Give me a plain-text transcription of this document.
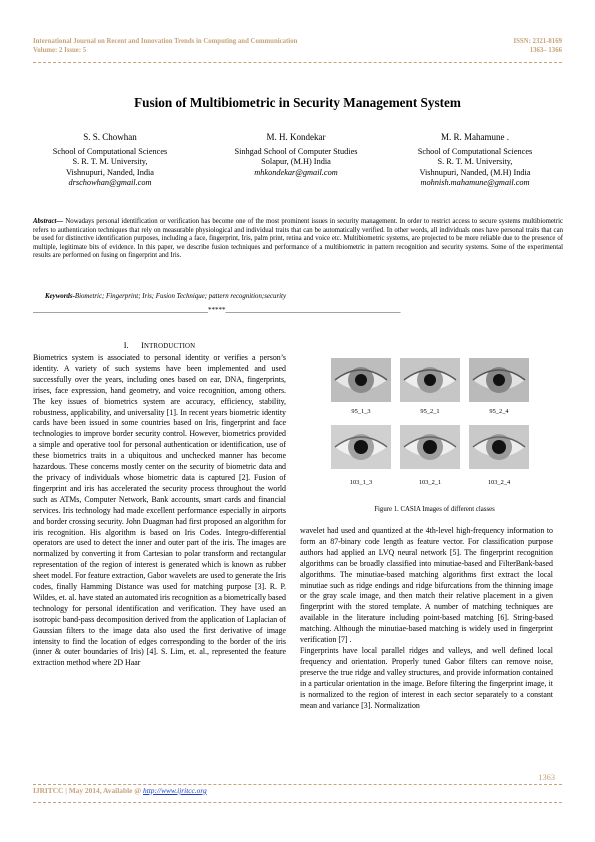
International Journal on Recent and Innovation Trends in Computing and Communication	ISSN: 2321-8169
Volume: 2 Issue: 5	1363– 1366
Fusion of Multibiometric in Security Management System
S. S. Chowhan
School of Computational Sciences
S. R. T. M. University,
Vishnupuri, Nanded, India
drschowhan@gmail.com
M. H. Kondekar
Sinhgad School of Computer Studies
Solapur, (M.H) India
mhkondekar@gmail.com
M. R. Mahamune .
School of Computational Sciences
S. R. T. M. University,
Vishnupuri, Nanded, (M.H) India
mohnish.mahamune@gmail.com
Abstract— Nowadays personal identification or verification has become one of the most prominent issues in security management. In order to restrict access to secure systems multibiometric refers to authentication techniques that rely on measurable physiological and individual traits that can be automatically verified. In other words, all individuals ones have personal traits that can be used for distinctive identification purposes, including a face, fingerprint, Iris, palm print, retina and voice etc. Multibiometric systems, are projected to be more reliable due to the presence of multiple, legitimate bits of evidence. In this paper, we describe fusion techniques and performance of a multibiometric in pattern recognition and security systems. Some of the experimental results are performed on fusing on fingerprint and Iris.
Keywords-Biometric; Fingerprint; Iris; Fusion Technique; pattern recognition;security
__________________________________________________*****__________________________________________________
I. INTRODUCTION

Biometrics system is associated to personal identity or verifies a person’s identity. A variety of such systems have been implemented and used successfully over the years, including ones based on ear, DNA, fingerprints, irises, face expression, hand geometry, and voice recognition, among others. The key issues of biometrics system are accuracy, efficiency, stability, robustness, applicability, and universality [1]. In recent years biometric identity cards have been issued in some countries based on Iris, fingerprint and face technologies to improve border security control. However, biometrics provided a simple and operative tool for personal authentication or identification, use of these biometrics traits in a ubiquitous and unchecked manner has become hazardous. These concerns mostly center on the security of biometric data and the privacy of individuals whose biometric data is captured [2]. Fusion of fingerprint and iris has accelerated the security process throughout the world such as ATMs, Computer Network, Bank accounts, smart cards and financial services. Iris technology had made excellent performance especially in airports and border crossing security. John Duagman had first proposed an algorithm for iris recognition. His algorithm is based on Iris Codes. Integro-differential operators are used to detect the inner and outer part of the iris. The images are normalized by converting it from Cartesian to polar transform and rectangular representation of the region of interest is generated which is known as rubber sheet model. For feature extraction, Gabor wavelets are used to generate the Iris codes, finally Hamming Distance was used for matching purpose [3]. R. P. Wildes, et. al. have stated an automated iris recognition as a biometrically based technology for personal identification and verification. They have used an isotropic band-pass decomposition derived from the application of Laplacian of Gaussian filters to the image data also used the first derivative of image intensity to find the location of edges corresponding to the border of the iris (inner & outer boundaries of Iris) [4]. S. Lim, et. al., represented the feature extraction method where 2D Haar

95_1_3	95_2_1	95_2_4
103_1_3	103_2_1	103_2_4
Figure 1. CASIA Images of different classes

wavelet had used and quantized at the 4th-level high-frequency information to form an 87-binary code length as feature vector. For classification purpose authors had applied an LVQ neural network [5]. The fingerprint recognition algorithms can be broadly classified into minutiae-based and FilterBank-based algorithms. The minutiae-based matching algorithms first extract the local minutiae such as ridge endings and ridge bifurcations from the thinning image or the gray scale image, and then match their relative placement in a given fingerprint with the stored template. A number of matching techniques are available in the literature including point-based matching [6]. String-based matching. Although the minutiae-based matching is widely used in fingerprint verification [7] .

Fingerprints have local parallel ridges and valleys, and well defined local frequency and orientation. Properly tuned Gabor filters can remove noise, preserve the true ridge and valley structures, and provide information contained in a particular orientation in the image. Before filtering the fingerprint image, it is normalized to the region of interest in each sector separately to a constant mean and variance [3]. Normalization

1363
IJRITCC | May 2014, Available @ http://www.ijritcc.org
